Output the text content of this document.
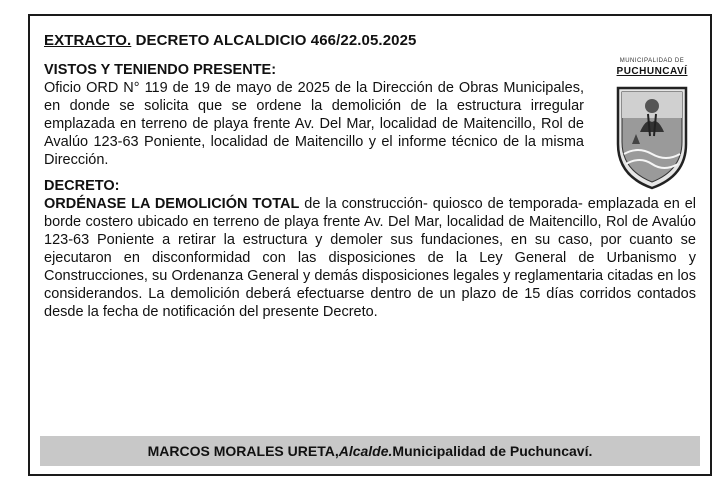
EXTRACTO. DECRETO ALCALDICIO 466/22.05.2025

VISTOS Y TENIENDO PRESENTE:

Oficio ORD N° 119 de 19 de mayo de 2025 de la Dirección de Obras Municipales, en donde se solicita que se ordene la demolición de la estructura irregular emplazada en terreno de playa frente Av. Del Mar, localidad de Maitencillo, Rol de Avalúo 123-63 Poniente, localidad de Maitencillo y el informe técnico de la misma Dirección.

DECRETO:

ORDÉNASE LA DEMOLICIÓN TOTAL de la construcción- quiosco de temporada- emplazada en el borde costero ubicado en terreno de playa frente Av. Del Mar, localidad de Maitencillo, Rol de Avalúo 123-63 Poniente a retirar la estructura y demoler sus fundaciones, en su caso, por cuanto se ejecutaron en disconformidad con las disposiciones de la Ley General de Urbanismo y Construcciones, su Ordenanza General y demás disposiciones legales y reglamentaria citadas en los considerandos. La demolición deberá efectuarse dentro de un plazo de 15 días corridos contados desde la fecha de notificación del presente Decreto.

MUNICIPALIDAD DE
PUCHUNCAVÍ
MARCOS MORALES URETA, Alcalde. Municipalidad de Puchuncaví.
